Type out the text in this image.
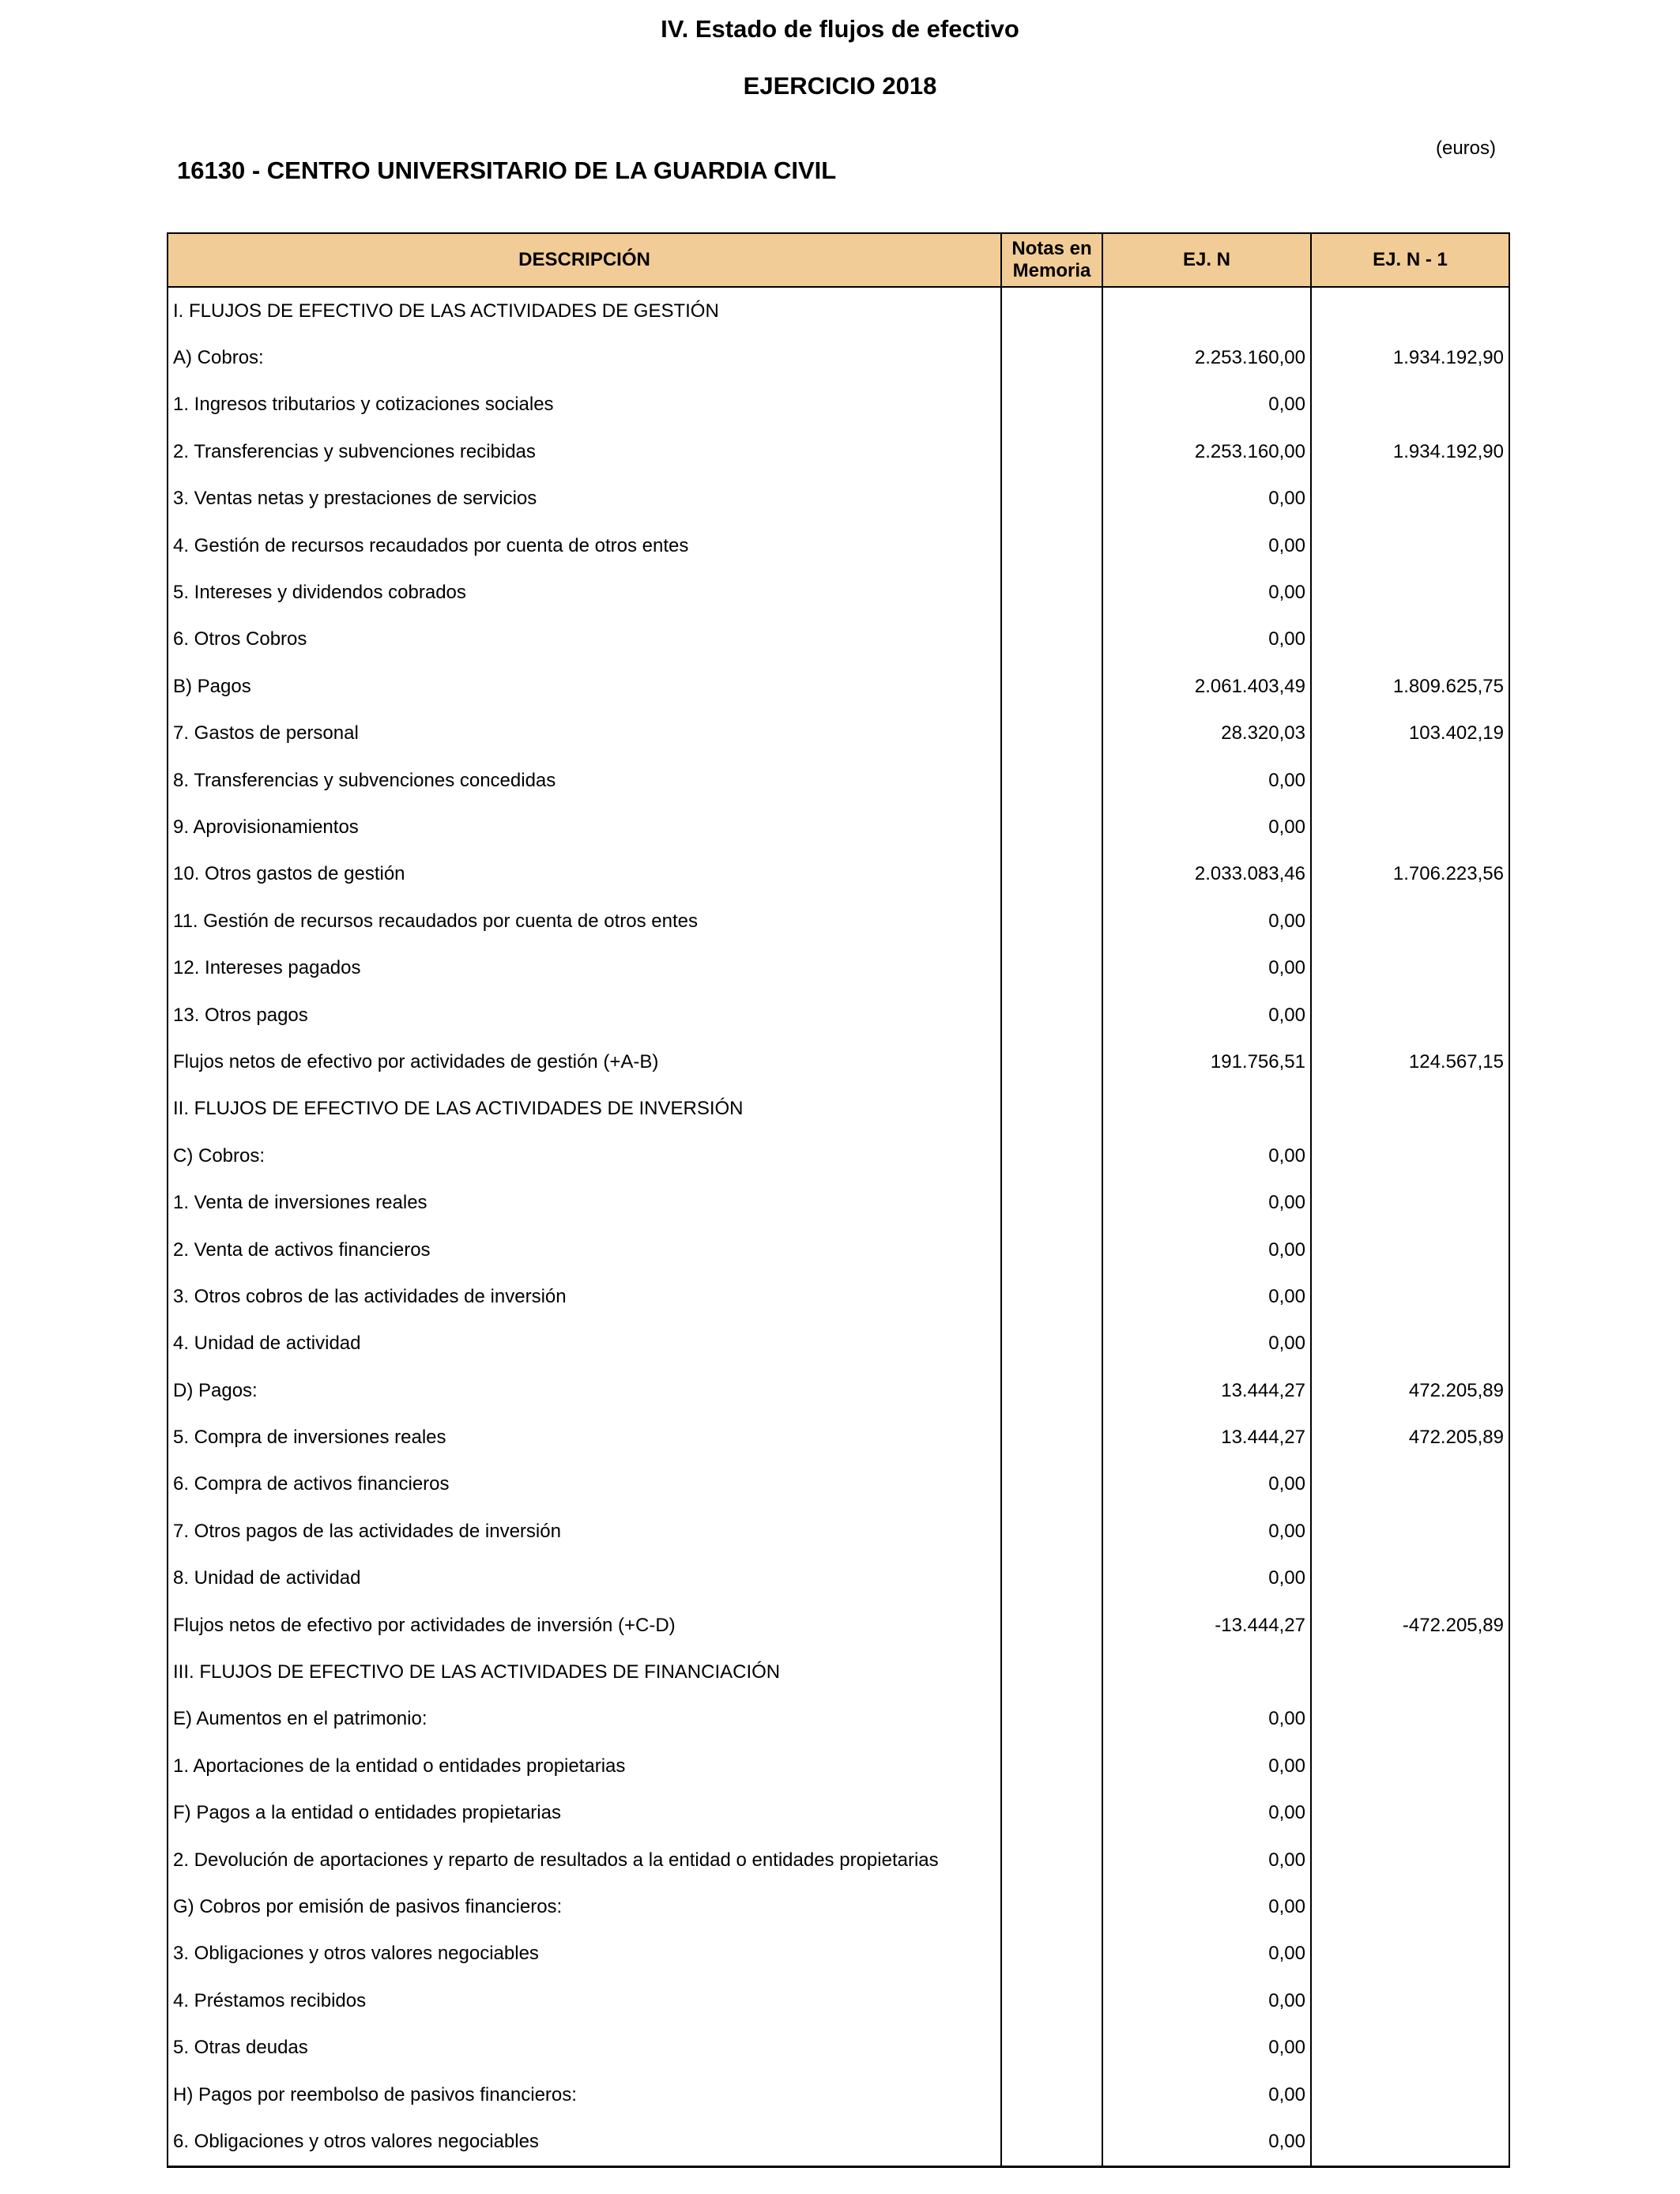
IV. Estado de flujos de efectivo
EJERCICIO 2018
(euros)
16130 - CENTRO UNIVERSITARIO DE LA GUARDIA CIVIL
DESCRIPCIÓN	Notas en Memoria	EJ. N	EJ. N - 1
I. FLUJOS DE EFECTIVO DE LAS ACTIVIDADES DE GESTIÓN			
A) Cobros:		2.253.160,00	1.934.192,90
1. Ingresos tributarios y cotizaciones sociales		0,00	
2. Transferencias y subvenciones recibidas		2.253.160,00	1.934.192,90
3. Ventas netas y prestaciones de servicios		0,00	
4. Gestión de recursos recaudados por cuenta de otros entes		0,00	
5. Intereses y dividendos cobrados		0,00	
6. Otros Cobros		0,00	
B) Pagos		2.061.403,49	1.809.625,75
7. Gastos de personal		28.320,03	103.402,19
8. Transferencias y subvenciones concedidas		0,00	
9. Aprovisionamientos		0,00	
10. Otros gastos de gestión		2.033.083,46	1.706.223,56
11. Gestión de recursos recaudados por cuenta de otros entes		0,00	
12. Intereses pagados		0,00	
13. Otros pagos		0,00	
Flujos netos de efectivo por actividades de gestión (+A-B)		191.756,51	124.567,15
II. FLUJOS DE EFECTIVO DE LAS ACTIVIDADES DE INVERSIÓN			
C) Cobros:		0,00	
1. Venta de inversiones reales		0,00	
2. Venta de activos financieros		0,00	
3. Otros cobros de las actividades de inversión		0,00	
4. Unidad de actividad		0,00	
D) Pagos:		13.444,27	472.205,89
5. Compra de inversiones reales		13.444,27	472.205,89
6. Compra de activos financieros		0,00	
7. Otros pagos de las actividades de inversión		0,00	
8. Unidad de actividad		0,00	
Flujos netos de efectivo por actividades de inversión (+C-D)		-13.444,27	-472.205,89
III. FLUJOS DE EFECTIVO DE LAS ACTIVIDADES DE FINANCIACIÓN			
E) Aumentos en el patrimonio:		0,00	
1. Aportaciones de la entidad o entidades propietarias		0,00	
F) Pagos a la entidad o entidades propietarias		0,00	
2. Devolución de aportaciones y reparto de resultados a la entidad o entidades propietarias		0,00	
G) Cobros por emisión de pasivos financieros:		0,00	
3. Obligaciones y otros valores negociables		0,00	
4. Préstamos recibidos		0,00	
5. Otras deudas		0,00	
H) Pagos por reembolso de pasivos financieros:		0,00	
6. Obligaciones y otros valores negociables		0,00	
